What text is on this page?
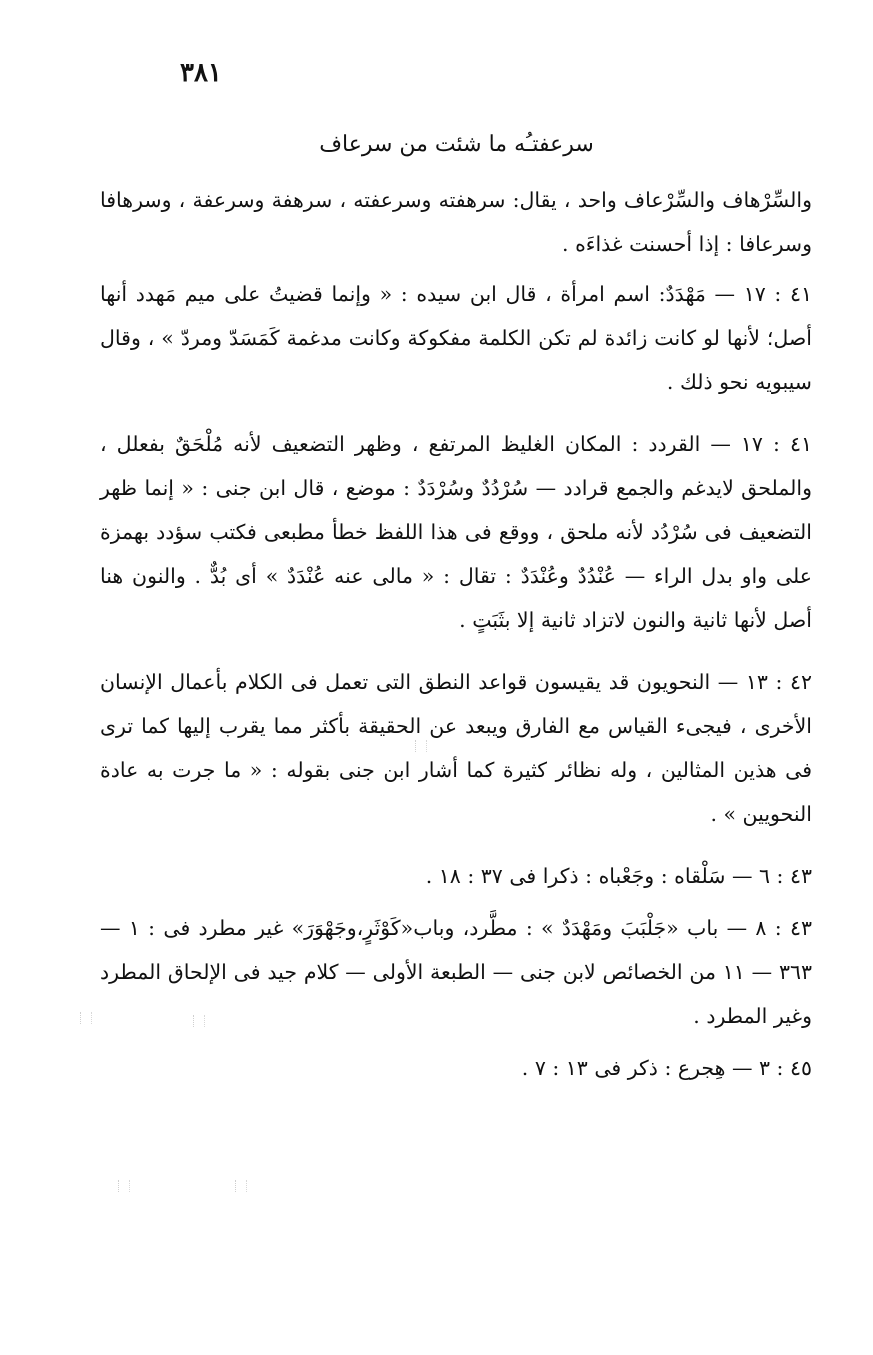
٣٨١
سرعفتـُه ما شئت من سرعاف

والسِّرْهاف والسِّرْعاف واحد ، يقال: سرهفته وسرعفته ، سرهفة وسرعفة ، وسرهافا وسرعافا : إذا أحسنت غذاءَه .

٤١ : ١٧ — مَهْدَدٌ: اسم امرأة ، قال ابن سيده : « وإنما قضيتُ على ميم مَهدد أنها أصل؛ لأنها لو كانت زائدة لم تكن الكلمة مفكوكة وكانت مدغمة كَمَسَدّ ومردّ » ، وقال سيبويه نحو ذلك .

٤١ : ١٧ — القردد : المكان الغليظ المرتفع ، وظهر التضعيف لأنه مُلْحَقٌ بفعلل ، والملحق لايدغم والجمع قرادد — سُرْدُدٌ وسُرْدَدٌ : موضع ، قال ابن جنى : « إنما ظهر التضعيف فى سُرْدُد لأنه ملحق ، ووقع فى هذا اللفظ خطأ مطبعى فكتب سؤدد بهمزة على واو بدل الراء — عُنْدُدٌ وعُنْدَدٌ : تقال : « مالى عنه عُنْدَدٌ » أى بُدٌّ . والنون هنا أصل لأنها ثانية والنون لاتزاد ثانية إلا بثَبَتٍ .

٤٢ : ١٣ — النحويون قد يقيسون قواعد النطق التى تعمل فى الكلام بأعمال الإنسان الأخرى ، فيجىء القياس مع الفارق ويبعد عن الحقيقة بأكثر مما يقرب إليها كما ترى فى هذين المثالين ، وله نظائر كثيرة كما أشار ابن جنى بقوله : « ما جرت به عادة النحويين » .

٤٣ : ٦ — سَلْقاه : وجَعْباه : ذكرا فى ٣٧ : ١٨ .

٤٣ : ٨ — باب «جَلْبَبَ ومَهْدَدٌ » : مطَّرد، وباب«كَوْثَرٍ،وجَهْوَرَ» غير مطرد فى : ١ — ٣٦٣ — ١١ من الخصائص لابن جنى — الطبعة الأولى — كلام جيد فى الإلحاق المطرد وغير المطرد .

٤٥ : ٣ — هِجرع : ذكر فى ١٣ : ٧ .
